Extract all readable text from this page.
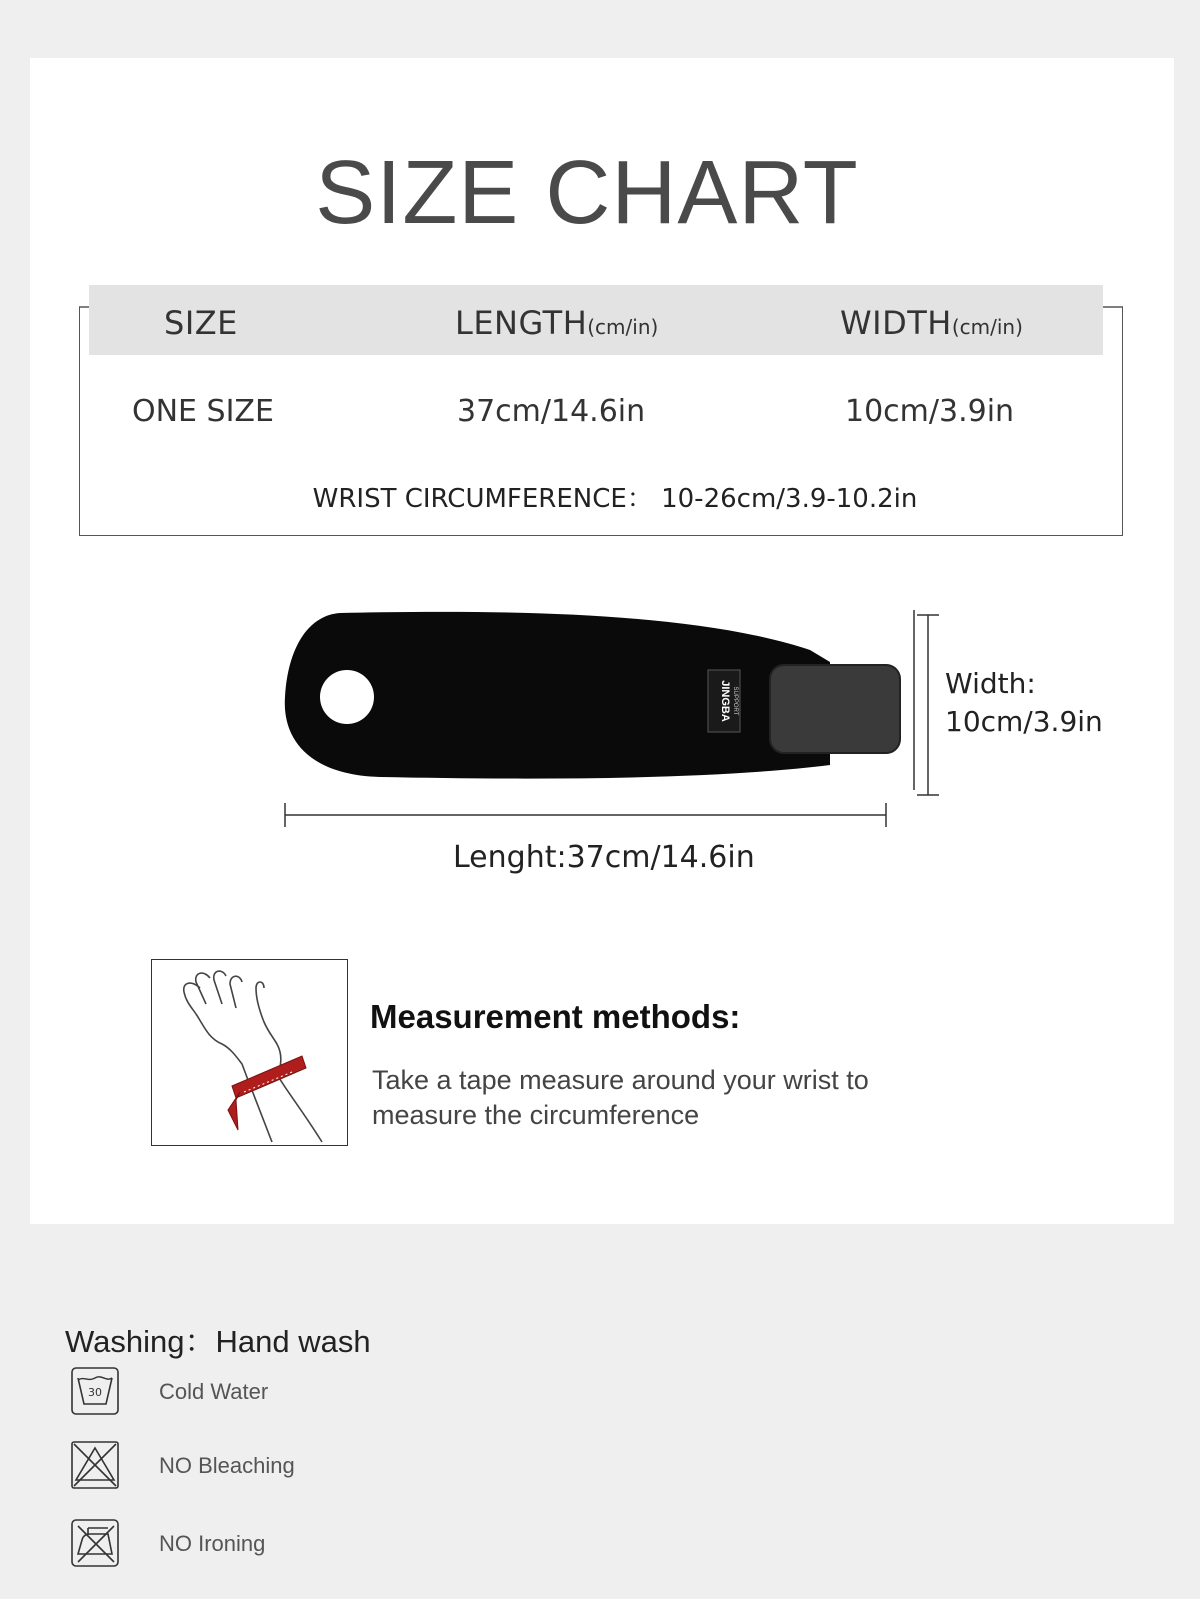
SIZE CHART
SIZE	LENGTH(cm/in)	WIDTH(cm/in)
ONE SIZE	37cm/14.6in	10cm/3.9in
WRIST CIRCUMFERENCE： 10-26cm/3.9-10.2in
JINGBA SUPPORT
Width:
10cm/3.9in
Lenght:37cm/14.6in
Measurement methods:
Take a tape measure around your wrist to measure the circumference
Washing：Hand wash
30	Cold Water
NO Bleaching
NO Ironing
